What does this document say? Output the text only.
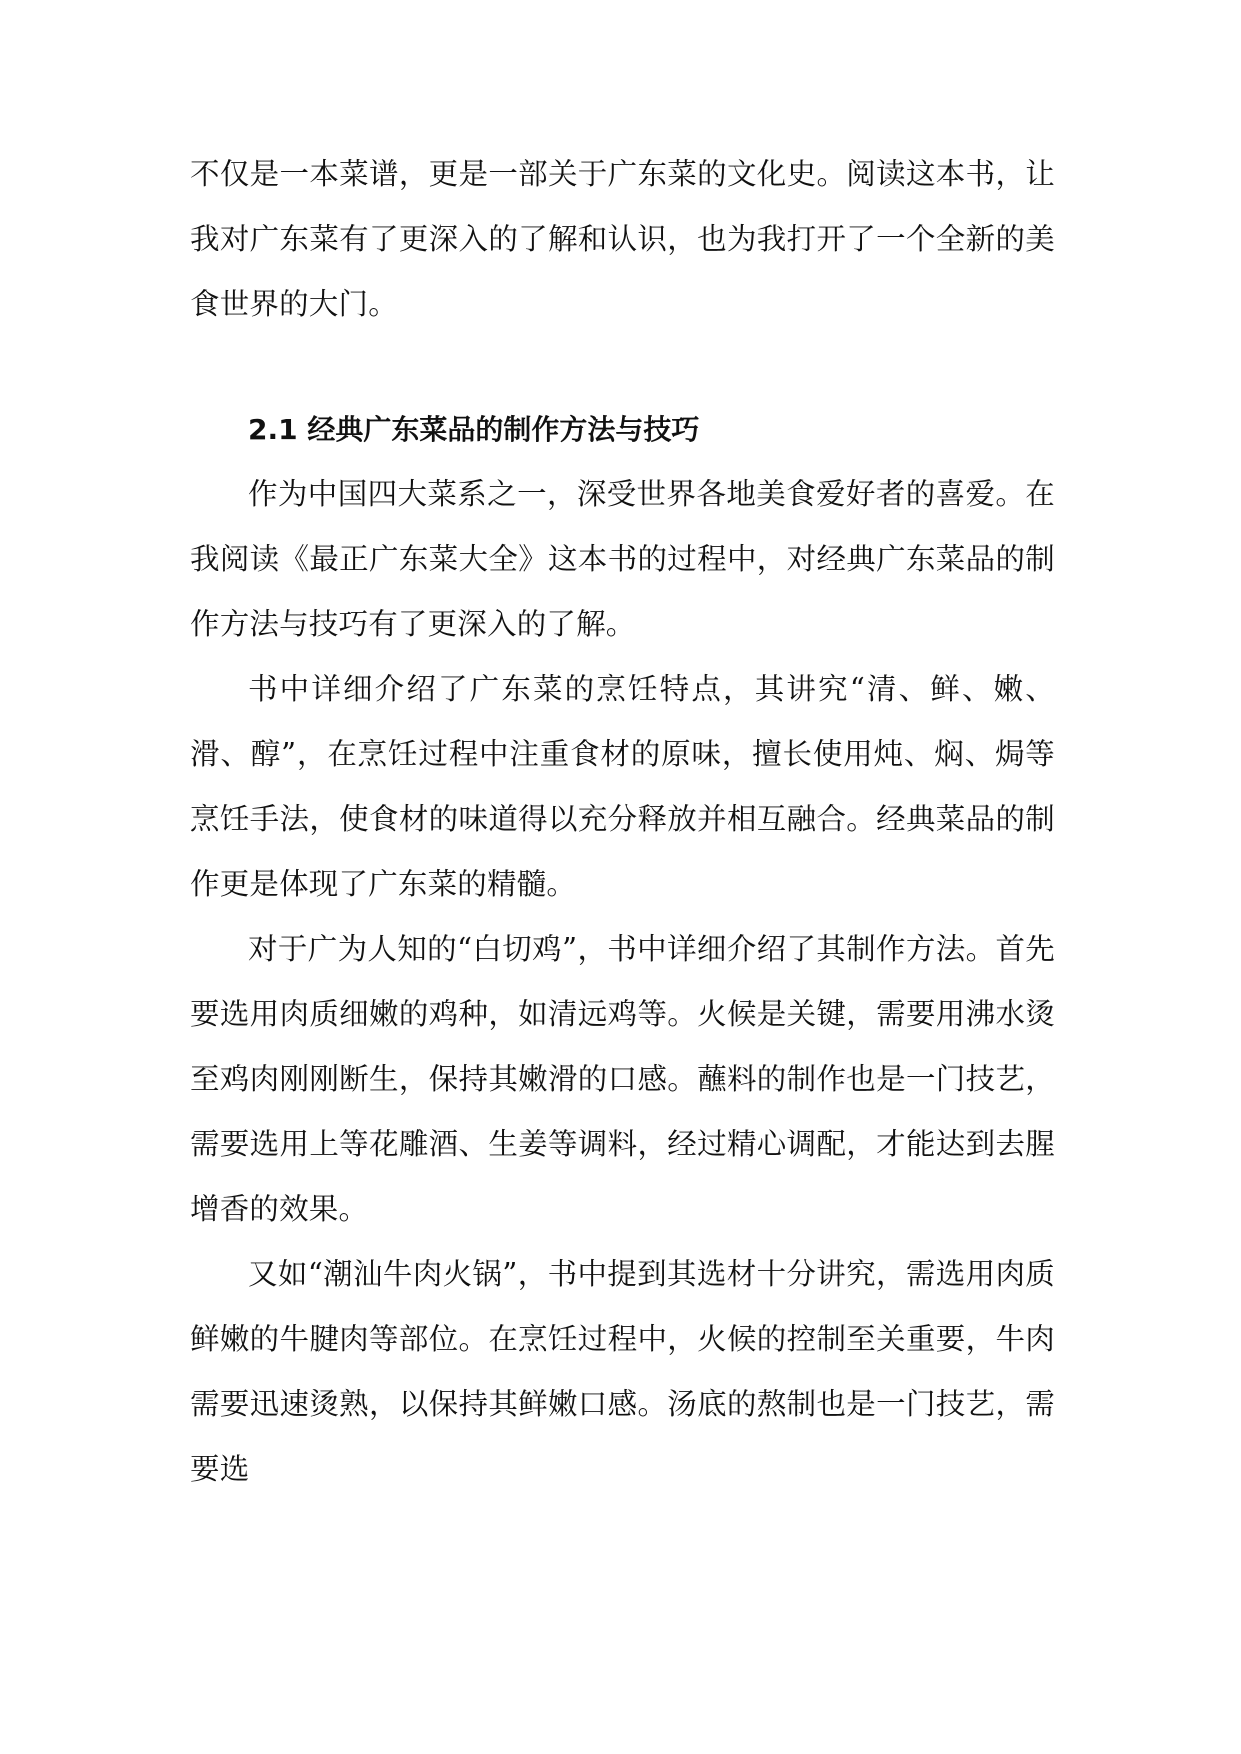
不仅是一本菜谱，更是一部关于广东菜的文化史。阅读这本书，让我对广东菜有了更深入的了解和认识，也为我打开了一个全新的美食世界的大门。

2.1 经典广东菜品的制作方法与技巧

作为中国四大菜系之一，深受世界各地美食爱好者的喜爱。在我阅读《最正广东菜大全》这本书的过程中，对经典广东菜品的制作方法与技巧有了更深入的了解。

书中详细介绍了广东菜的烹饪特点，其讲究“清、鲜、嫩、滑、醇”，在烹饪过程中注重食材的原味，擅长使用炖、焖、焗等烹饪手法，使食材的味道得以充分释放并相互融合。经典菜品的制作更是体现了广东菜的精髓。

对于广为人知的“白切鸡”，书中详细介绍了其制作方法。首先要选用肉质细嫩的鸡种，如清远鸡等。火候是关键，需要用沸水烫至鸡肉刚刚断生，保持其嫩滑的口感。蘸料的制作也是一门技艺，需要选用上等花雕酒、生姜等调料，经过精心调配，才能达到去腥增香的效果。

又如“潮汕牛肉火锅”，书中提到其选材十分讲究，需选用肉质鲜嫩的牛腱肉等部位。在烹饪过程中，火候的控制至关重要，牛肉需要迅速烫熟，以保持其鲜嫩口感。汤底的熬制也是一门技艺，需要选
